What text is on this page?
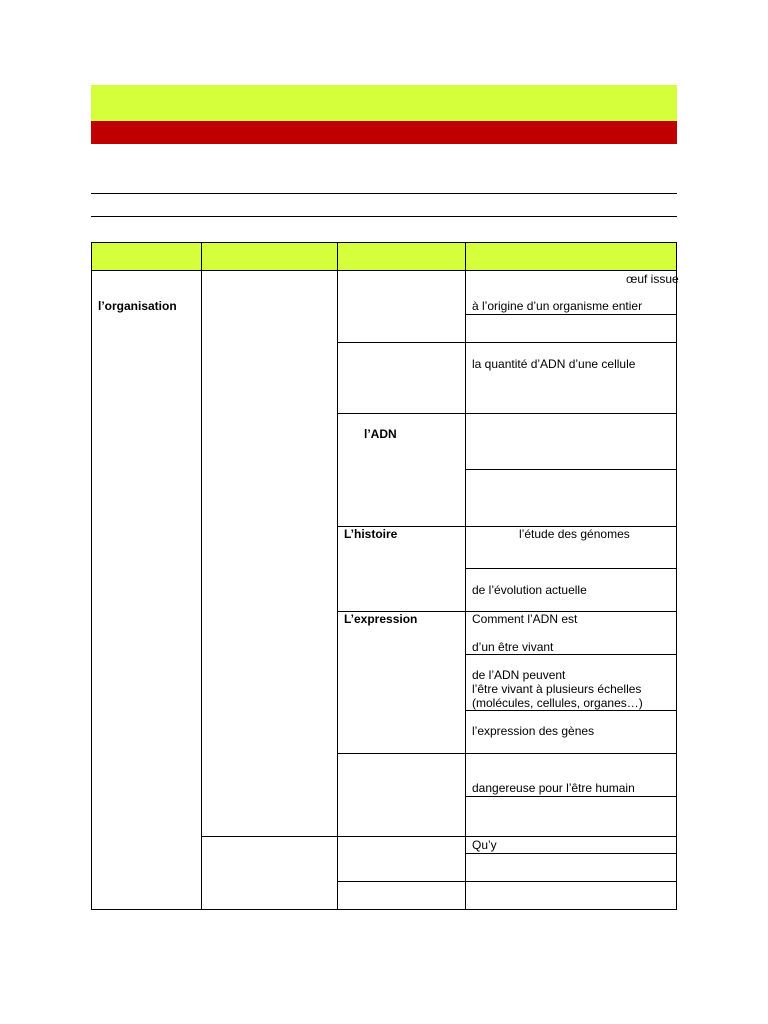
l’organisation
l’ADN
L’histoire
L’expression
œuf issue
à l’origine d’un organisme entier
la quantité d’ADN d’une cellule
l’étude des génomes
de l’évolution actuelle
Comment l’ADN est
d’un être vivant
de l’ADN peuvent
l’être vivant à plusieurs échelles
(molécules, cellules, organes…)
l’expression des gènes
dangereuse pour l’être humain
Qu’y
